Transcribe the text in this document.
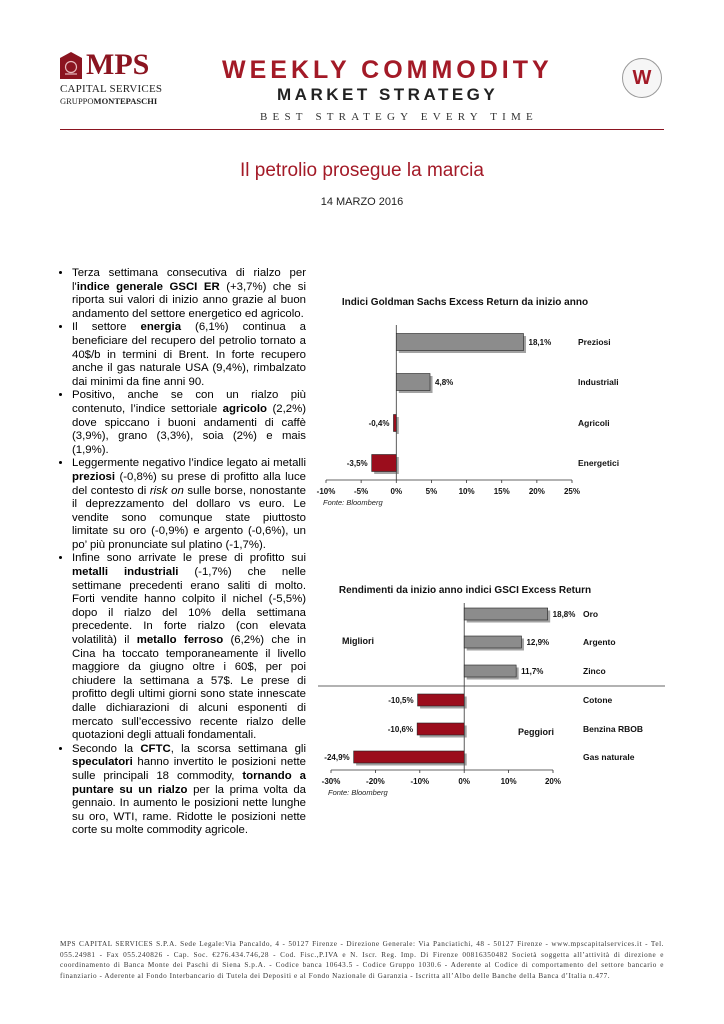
MPS
CAPITAL SERVICES
GRUPPOMONTEPASCHI
WEEKLY COMMODITY
MARKET STRATEGY
W
BEST STRATEGY EVERY TIME
Il petrolio prosegue la marcia
14 MARZO 2016
• Terza settimana consecutiva di rialzo per l'indice generale GSCI ER (+3,7%) che si riporta sui valori di inizio anno grazie al buon andamento del settore energetico ed agricolo.
• Il settore energia (6,1%) continua a beneficiare del recupero del petrolio tornato a 40$/b in termini di Brent. In forte recupero anche il gas naturale USA (9,4%), rimbalzato dai minimi da fine anni 90.
• Positivo, anche se con un rialzo più contenuto, l’indice settoriale agricolo (2,2%) dove spiccano i buoni andamenti di caffè (3,9%), grano (3,3%), soia (2%) e mais (1,9%).
• Leggermente negativo l’indice legato ai metalli preziosi (-0,8%) su prese di profitto alla luce del contesto di risk on sulle borse, nonostante il deprezzamento del dollaro vs euro. Le vendite sono comunque state piuttosto limitate su oro (-0,9%) e argento (-0,6%), un po’ più pronunciate sul platino (-1,7%).
• Infine sono arrivate le prese di profitto sui metalli industriali (-1,7%) che nelle settimane precedenti erano saliti di molto. Forti vendite hanno colpito il nichel (-5,5%) dopo il rialzo del 10% della settimana precedente. In forte rialzo (con elevata volatilità) il metallo ferroso (6,2%) che in Cina ha toccato temporaneamente il livello maggiore da giugno oltre i 60$, per poi chiudere la settimana a 57$. Le prese di profitto degli ultimi giorni sono state innescate dalle dichiarazioni di alcuni esponenti di mercato sull’eccessivo recente rialzo delle quotazioni degli attuali fondamentali.
• Secondo la CFTC, la scorsa settimana gli speculatori hanno invertito le posizioni nette sulle principali 18 commodity, tornando a puntare su un rialzo per la prima volta da gennaio. In aumento le posizioni nette lunghe su oro, WTI, rame. Ridotte le posizioni nette corte su molte commodity agricole.
Indici Goldman Sachs Excess Return da inizio anno
-10% -5%	0%	5%	10% 15% 20% 25%
18,1%	Preziosi
4,8%	Industriali
-0,4%	Agricoli
-3,5%	Energetici
Fonte: Bloomberg
Rendimenti da inizio anno indici GSCI Excess Return
-30%	-20%	-10%	0%	10%	20%
18,8% Oro
12,9%	Argento
11,7%	Zinco
-10,5%	Cotone
-10,6%	Benzina RBOB
-24,9%	Gas naturale
Fonte: Bloomberg
Migliori
Peggiori
MPS CAPITAL SERVICES S.P.A. Sede Legale:Via Pancaldo, 4 - 50127 Firenze - Direzione Generale: Via Panciatichi, 48 - 50127 Firenze - www.mpscapitalservices.it - Tel. 055.24981 - Fax 055.240826 - Cap. Soc. €276.434.746,28 - Cod. Fisc.,P.IVA e N. Iscr. Reg. Imp. Di Firenze 00816350482 Società soggetta all’attività di direzione e coordinamento di Banca Monte dei Paschi di Siena S.p.A. - Codice banca 10643.5 - Codice Gruppo 1030.6 - Aderente al Codice di comportamento del settore bancario e finanziario - Aderente al Fondo Interbancario di Tutela dei Depositi e al Fondo Nazionale di Garanzia - Iscritta all’Albo delle Banche della Banca d’Italia n.477.
